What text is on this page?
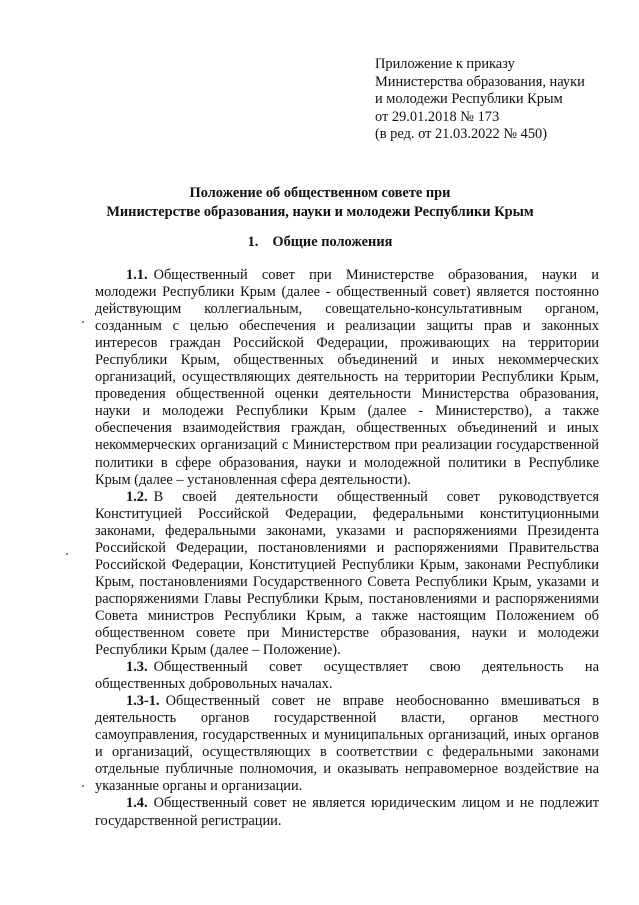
Приложение к приказу
Министерства образования, науки
и молодежи Республики Крым
от 29.01.2018 № 173
(в ред. от 21.03.2022 № 450)
Положение об общественном совете при
Министерстве образования, науки и молодежи Республики Крым
1. Общие положения

1.1. Общественный совет при Министерстве образования, науки и молодежи Республики Крым (далее - общественный совет) является постоянно действующим коллегиальным, совещательно-консультативным органом, созданным с целью обеспечения и реализации защиты прав и законных интересов граждан Российской Федерации, проживающих на территории Республики Крым, общественных объединений и иных некоммерческих организаций, осуществляющих деятельность на территории Республики Крым, проведения общественной оценки деятельности Министерства образования, науки и молодежи Республики Крым (далее - Министерство), а также обеспечения взаимодействия граждан, общественных объединений и иных некоммерческих организаций с Министерством при реализации государственной политики в сфере образования, науки и молодежной политики в Республике Крым (далее – установленная сфера деятельности).

1.2. В своей деятельности общественный совет руководствуется Конституцией Российской Федерации, федеральными конституционными законами, федеральными законами, указами и распоряжениями Президента Российской Федерации, постановлениями и распоряжениями Правительства Российской Федерации, Конституцией Республики Крым, законами Республики Крым, постановлениями Государственного Совета Республики Крым, указами и распоряжениями Главы Республики Крым, постановлениями и распоряжениями Совета министров Республики Крым, а также настоящим Положением об общественном совете при Министерстве образования, науки и молодежи Республики Крым (далее – Положение).

1.3. Общественный совет осуществляет свою деятельность на общественных добровольных началах.

1.3-1. Общественный совет не вправе необоснованно вмешиваться в деятельность органов государственной власти, органов местного самоуправления, государственных и муниципальных организаций, иных органов и организаций, осуществляющих в соответствии с федеральными законами отдельные публичные полномочия, и оказывать неправомерное воздействие на указанные органы и организации.

1.4. Общественный совет не является юридическим лицом и не подлежит государственной регистрации.
